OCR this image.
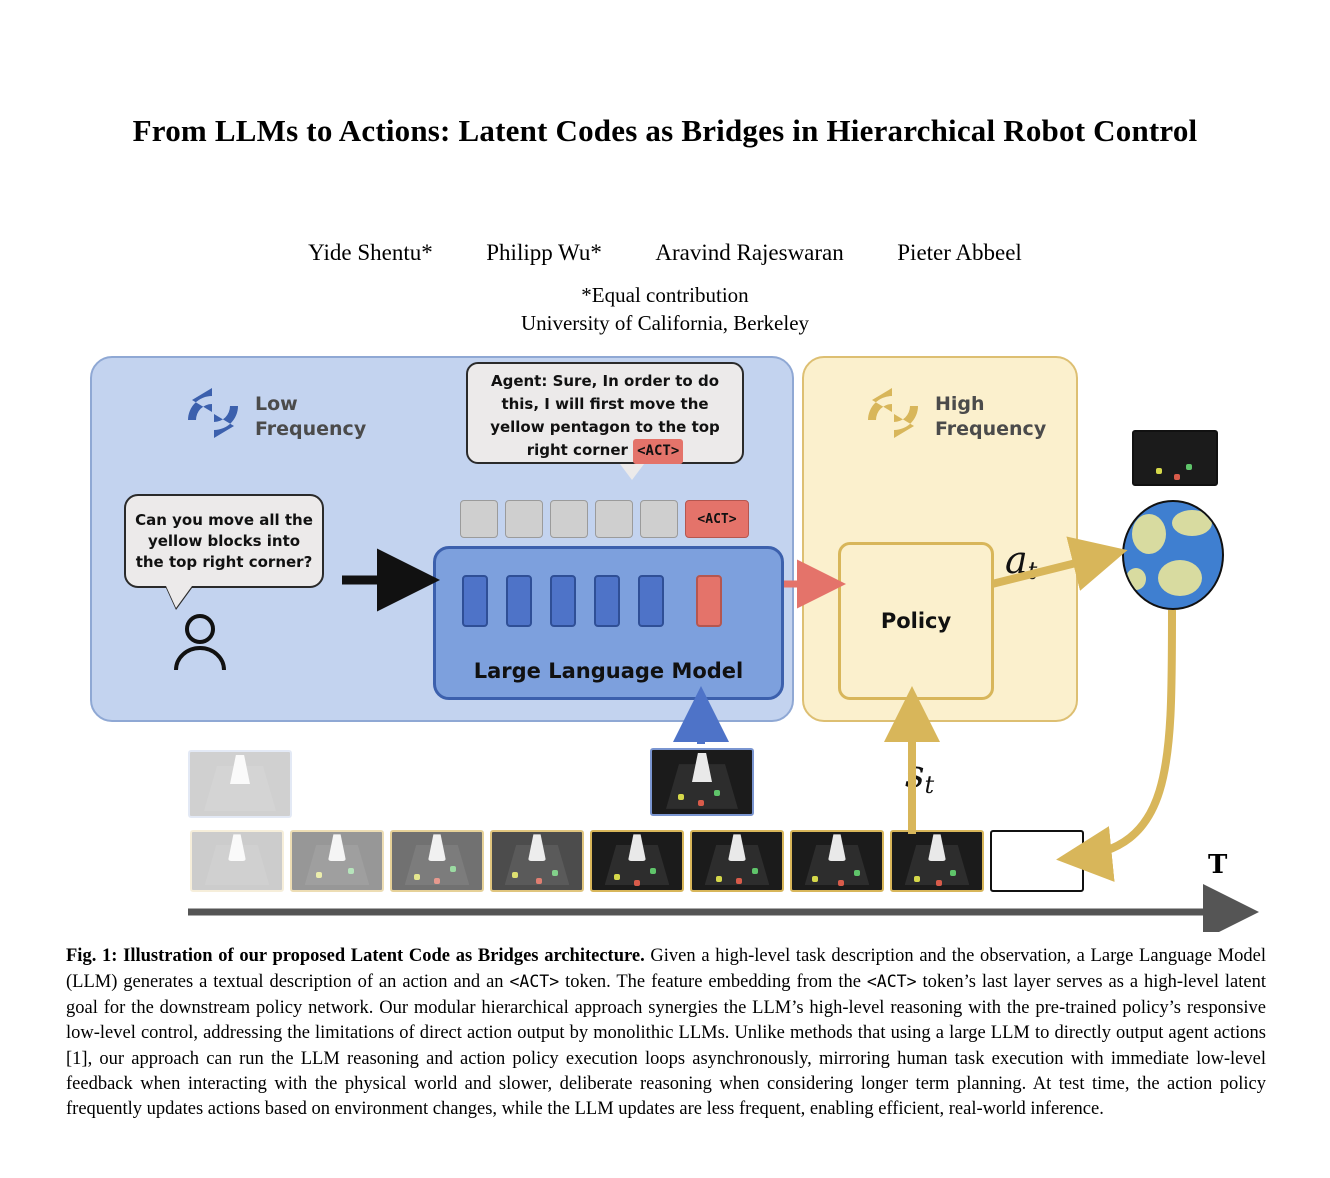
From LLMs to Actions: Latent Codes as Bridges in Hierarchical Robot Control
Yide Shentu* Philipp Wu* Aravind Rajeswaran Pieter Abbeel
*Equal contribution
University of California, Berkeley
Low
Frequency
High
Frequency
Can you move all the yellow blocks into the top right corner?
Agent: Sure, In order to do this, I will first move the yellow pentagon to the top right corner <ACT>
<ACT>
Large Language Model
Policy
$a_t$
$s_t$
T
Fig. 1: Illustration of our proposed Latent Code as Bridges architecture. Given a high-level task description and the observation, a Large Language Model (LLM) generates a textual description of an action and an <ACT> token. The feature embedding from the <ACT> token’s last layer serves as a high-level latent goal for the downstream policy network. Our modular hierarchical approach synergies the LLM’s high-level reasoning with the pre-trained policy’s responsive low-level control, addressing the limitations of direct action output by monolithic LLMs. Unlike methods that using a large LLM to directly output agent actions [1], our approach can run the LLM reasoning and action policy execution loops asynchronously, mirroring human task execution with immediate low-level feedback when interacting with the physical world and slower, deliberate reasoning when considering longer term planning. At test time, the action policy frequently updates actions based on environment changes, while the LLM updates are less frequent, enabling efficient, real-world inference.
